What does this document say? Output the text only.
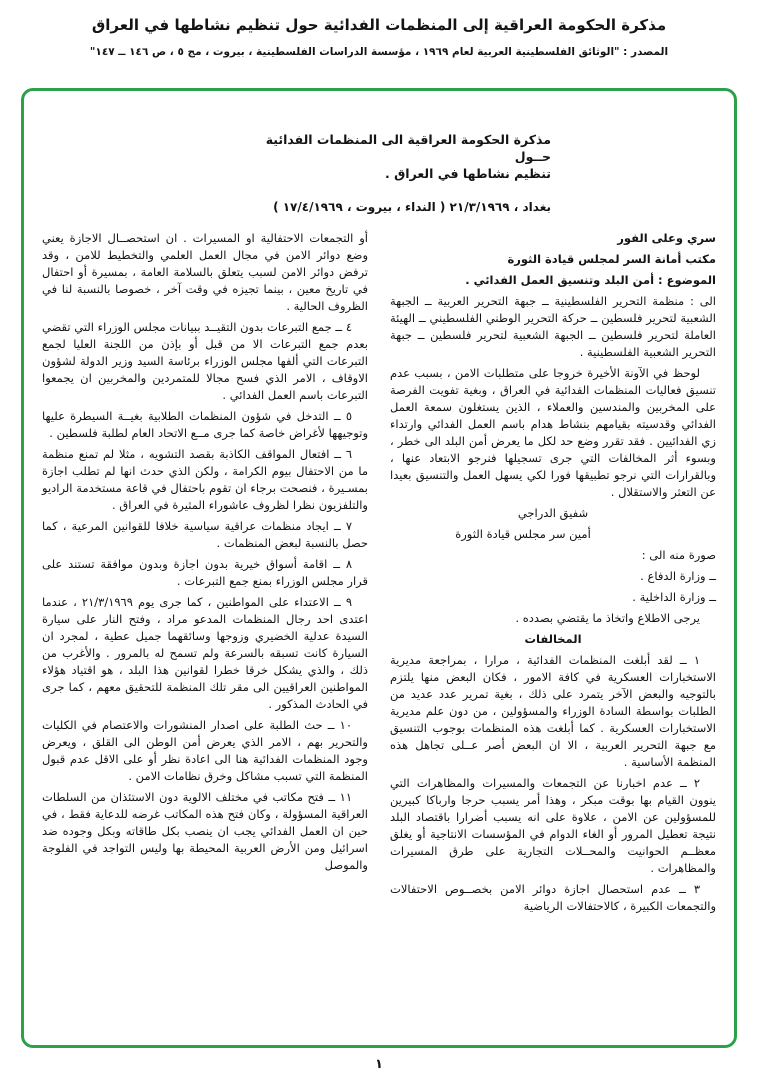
مذكرة الحكومة العراقية إلى المنظمات الفدائية حول تنظيم نشاطها في العراق
المصدر : "الوثائق الفلسطينية العربية لعام ١٩٦٩ ، مؤسسة الدراسات الفلسطينية ، بيروت ، مج ٥ ، ص ١٤٦ ــ ١٤٧"
مذكرة الحكومة العراقية الى المنظمات الفدائية حــول
تنظيم نشاطها في العراق .
بغداد ، ٢١/٣/١٩٦٩ ( النداء ، بيروت ، ١٧/٤/١٩٦٩ )

سري وعلى الفور

مكتب أمانة السر لمجلس قيادة الثورة

الموضوع : أمن البلد وتنسيق العمل الفدائي .

الى : منظمة التحرير الفلسطينية ــ جبهة التحرير العربية ــ الجبهة الشعبية لتحرير فلسطين ــ حركة التحرير الوطني الفلسطيني ــ الهيئة العاملة لتحرير فلسطين ــ الجبهة الشعبية لتحرير فلسطين ــ جبهة التحرير الشعبية الفلسطينية .

لوحظ في الآونة الأخيرة خروجا على متطلبات الامن ، بسبب عدم تنسيق فعاليات المنظمات الفدائية في العراق ، وبغية تفويت الفرصة على المخربين والمندسين والعملاء ، الذين يستغلون سمعة العمل الفدائي وقدسيته بقيامهم بنشاط هدام باسم العمل الفدائي وارتداء زي الفدائيين . فقد تقرر وضع حد لكل ما يعرض أمن البلد الى خطر ، وبسوء أثر المخالفات التي جرى تسجيلها فنرجو الابتعاد عنها ، وبالقرارات التي نرجو تطبيقها فورا لكي يسهل العمل والتنسيق بعيدا عن التعثر والاستقلال .

شفيق الدراجي

أمين سر مجلس قيادة الثورة

صورة منه الى :

ــ وزارة الدفاع .

ــ وزارة الداخلية .

يرجى الاطلاع واتخاذ ما يقتضي بصدده .

المخالفات

١ ــ لقد أبلغت المنظمات الفدائية ، مرارا ، بمراجعة مديرية الاستخبارات العسكرية في كافة الامور ، فكان البعض منها يلتزم بالتوجيه والبعض الآخر يتمرد على ذلك ، بغية تمرير عدد عديد من الطلبات بواسطة السادة الوزراء والمسؤولين ، من دون علم مديرية الاستخبارات العسكرية . كما أبلغت هذه المنظمات بوجوب التنسيق مع جبهة التحرير العربية ، الا ان البعض أصر عــلى تجاهل هذه المنظمة الأساسية .

٢ ــ عدم اخبارنا عن التجمعات والمسيرات والمظاهرات التي ينوون القيام بها بوقت مبكر ، وهذا أمر يسبب حرجا وارباكا كبيرين للمسؤولين عن الامن ، علاوة على انه يسبب أضرارا باقتصاد البلد نتيجة تعطيل المرور أو الغاء الدوام في المؤسسات الانتاجية أو يغلق معظــم الحوانيت والمحــلات التجارية على طرق المسيرات والمظاهرات .

٣ ــ عدم استحصال اجازة دوائر الامن بخصــوص الاحتفالات والتجمعات الكبيرة ، كالاحتفالات الرياضية

أو التجمعات الاحتفالية او المسيرات . ان استحصــال الاجازة يعني وضع دوائر الامن في مجال العمل العلمي والتخطيط للامن ، وقد ترفض دوائر الامن لسبب يتعلق بالسلامة العامة ، بمسيرة أو احتفال في تاريخ معين ، بينما تجيزه في وقت آخر ، خصوصا بالنسبة لنا في الظروف الحالية .

٤ ــ جمع التبرعات بدون التقيــد ببيانات مجلس الوزراء التي تقضي بعدم جمع التبرعات الا من قبل أو بإذن من اللجنة العليا لجمع التبرعات التي ألفها مجلس الوزراء برئاسة السيد وزير الدولة لشؤون الاوقاف ، الامر الذي فسح مجالا للمتمردين والمخربين ان يجمعوا التبرعات باسم العمل الفدائي .

٥ ــ التدخل في شؤون المنظمات الطلابية بغيــة السيطرة عليها وتوجيهها لأغراض خاصة كما جرى مــع الاتحاد العام لطلبة فلسطين .

٦ ــ افتعال المواقف الكاذبة بقصد التشويه ، مثلا لم تمنع منظمة ما من الاحتفال بيوم الكرامة ، ولكن الذي حدث انها لم تطلب اجازة بمسـيرة ، فنصحت برجاء ان تقوم باحتفال في قاعة مستخدمة الراديو والتلفزيون نظرا لظروف عاشوراء المثيرة في العراق .

٧ ــ ايجاد منظمات عراقية سياسية خلافا للقوانين المرعية ، كما حصل بالنسبة لبعض المنظمات .

٨ ــ اقامة أسواق خيرية بدون اجازة وبدون موافقة تستند على قرار مجلس الوزراء بمنع جمع التبرعات .

٩ ــ الاعتداء على المواطنين ، كما جرى يوم ٢١/٣/١٩٦٩ ، عندما اعتدى احد رجال المنظمات المدعو مراد ، وفتح النار على سيارة السيدة عدلية الخضيري وزوجها وسائقهما جميل عطية ، لمجرد ان السيارة كانت تسبقه بالسرعة ولم تسمح له بالمرور . والأغرب من ذلك ، والذي يشكل خرقا خطرا لقوانين هذا البلد ، هو اقتياد هؤلاء المواطنين العراقيين الى مقر تلك المنظمة للتحقيق معهم ، كما جرى في الحادث المذكور .

١٠ ــ حث الطلبة على اصدار المنشورات والاعتصام في الكليات والتحرير بهم ، الامر الذي يعرض أمن الوطن الى القلق ، ويعرض وجود المنظمات الفدائية هنا الى اعادة نظر أو على الاقل عدم قبول المنظمة التي تسبب مشاكل وخرق نظامات الامن .

١١ ــ فتح مكاتب في مختلف الالوية دون الاستئذان من السلطات العراقية المسؤولة ، وكان فتح هذه المكاتب غرضه للدعاية فقط ، في حين ان العمل الفدائي يجب ان ينصب بكل طاقاته وبكل وجوده ضد اسرائيل ومن الأرض العربية المحيطة بها وليس التواجد في الفلوجة والموصل

١
